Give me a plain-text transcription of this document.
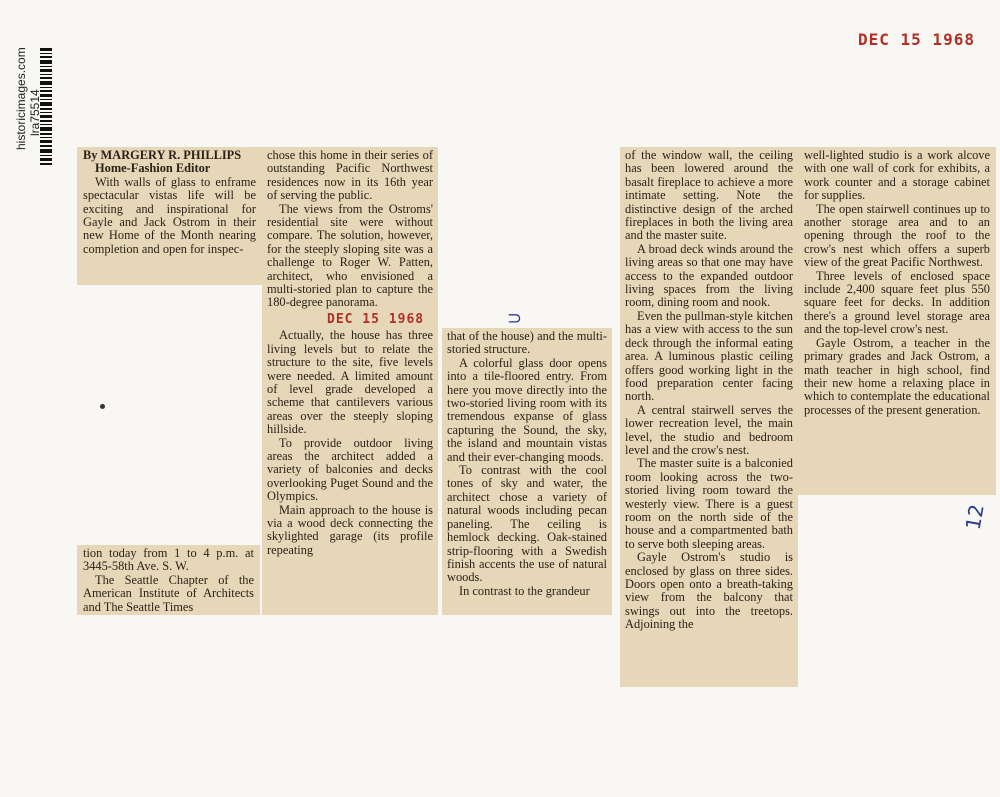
historicimages.com lra75514
DEC 15 1968

By MARGERY R. PHILLIPS

Home-Fashion Editor

With walls of glass to enframe spectacular vistas life will be exciting and inspirational for Gayle and Jack Ostrom in their new Home of the Month nearing completion and open for inspec-

tion today from 1 to 4 p.m. at 3445-58th Ave. S. W.

The Seattle Chapter of the American Institute of Architects and The Seattle Times

chose this home in their series of outstanding Pacific Northwest residences now in its 16th year of serving the public.

The views from the Ostroms' residential site were without compare. The solution, however, for the steeply sloping site was a challenge to Roger W. Patten, architect, who envisioned a multi-storied plan to capture the 180-degree panorama.

DEC 15 1968

Actually, the house has three living levels but to relate the structure to the site, five levels were needed. A limited amount of level grade developed a scheme that cantilevers various areas over the steeply sloping hillside.

To provide outdoor living areas the architect added a variety of balconies and decks overlooking Puget Sound and the Olympics.

Main approach to the house is via a wood deck connecting the skylighted garage (its profile repeating

that of the house) and the multi-storied structure.

A colorful glass door opens into a tile-floored entry. From here you move directly into the two-storied living room with its tremendous expanse of glass capturing the Sound, the sky, the island and mountain vistas and their ever-changing moods.

To contrast with the cool tones of sky and water, the architect chose a variety of natural woods including pecan paneling. The ceiling is hemlock decking. Oak-stained strip-flooring with a Swedish finish accents the use of natural woods.

In contrast to the grandeur

of the window wall, the ceiling has been lowered around the basalt fireplace to achieve a more intimate setting. Note the distinctive design of the arched fireplaces in both the living area and the master suite.

A broad deck winds around the living areas so that one may have access to the expanded outdoor living spaces from the living room, dining room and nook.

Even the pullman-style kitchen has a view with access to the sun deck through the informal eating area. A luminous plastic ceiling offers good working light in the food preparation center facing north.

A central stairwell serves the lower recreation level, the main level, the studio and bedroom level and the crow's nest.

The master suite is a balconied room looking across the two-storied living room toward the westerly view. There is a guest room on the north side of the house and a compartmented bath to serve both sleeping areas.

Gayle Ostrom's studio is enclosed by glass on three sides. Doors open onto a breath-taking view from the balcony that swings out into the treetops. Adjoining the

well-lighted studio is a work alcove with one wall of cork for exhibits, a work counter and a storage cabinet for supplies.

The open stairwell continues up to another storage area and to an opening through the roof to the crow's nest which offers a superb view of the great Pacific Northwest.

Three levels of enclosed space include 2,400 square feet plus 550 square feet for decks. In addition there's a ground level storage area and the top-level crow's nest.

Gayle Ostrom, a teacher in the primary grades and Jack Ostrom, a math teacher in high school, find their new home a relaxing place in which to contemplate the educational processes of the present generation.

⊃
12
